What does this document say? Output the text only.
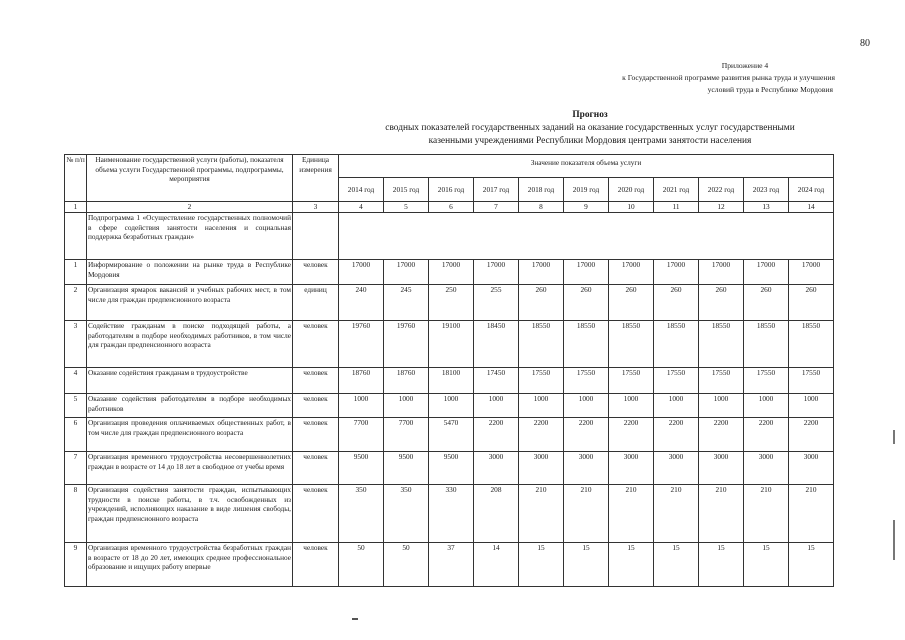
80
Приложение 4
к Государственной программе развития рынка труда и улучшения
условий труда в Республике Мордовия
Прогноз
сводных показателей государственных заданий на оказание государственных услуг государственными
казенными учреждениями Республики Мордовия центрами занятости населения
№ п/п	Наименование государственной услуги (работы), показателя объема услуги Государственной программы, подпрограммы, мероприятия	Единица измерения	Значение показателя объема услуги										
			2014 год	2015 год	2016 год	2017 год	2018 год	2019 год	2020 год	2021 год	2022 год	2023 год	2024 год
1	2	3	4	5	6	7	8	9	10	11	12	13	14
	Подпрограмма 1 «Осуществление государственных полномочий в сфере содействия занятости населения и социальная поддержка безработных граждан»												
1	Информирование о положении на рынке труда в Республике Мордовия	человек	17000	17000	17000	17000	17000	17000	17000	17000	17000	17000	17000
2	Организация ярмарок вакансий и учебных рабочих мест, в том числе для граждан предпенсионного возраста	единиц	240	245	250	255	260	260	260	260	260	260	260
3	Содействие гражданам в поиске подходящей работы, а работодателям в подборе необходимых работников, в том числе для граждан предпенсионного возраста	человек	19760	19760	19100	18450	18550	18550	18550	18550	18550	18550	18550
4	Оказание содействия гражданам в трудоустройстве	человек	18760	18760	18100	17450	17550	17550	17550	17550	17550	17550	17550
5	Оказание содействия работодателям в подборе необходимых работников	человек	1000	1000	1000	1000	1000	1000	1000	1000	1000	1000	1000
6	Организация проведения оплачиваемых общественных работ, в том числе для граждан предпенсионного возраста	человек	7700	7700	5470	2200	2200	2200	2200	2200	2200	2200	2200
7	Организация временного трудоустройства несовершеннолетних граждан в возрасте от 14 до 18 лет в свободное от учебы время	человек	9500	9500	9500	3000	3000	3000	3000	3000	3000	3000	3000
8	Организация содействия занятости граждан, испытывающих трудности в поиске работы, в т.ч. освобожденных из учреждений, исполняющих наказание в виде лишения свободы, граждан предпенсионного возраста	человек	350	350	330	208	210	210	210	210	210	210	210
9	Организация временного трудоустройства безработных граждан в возрасте от 18 до 20 лет, имеющих среднее профессиональное образование и ищущих работу впервые	человек	50	50	37	14	15	15	15	15	15	15	15
